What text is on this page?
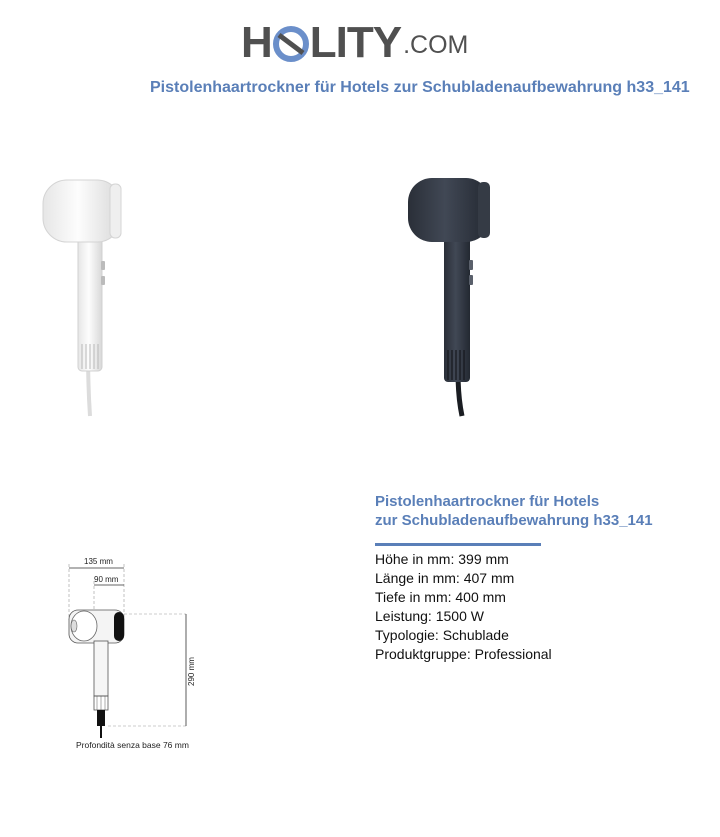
H LITY .COM
Pistolenhaartrockner für Hotels zur Schubladenaufbewahrung h33_141
135 mm
90 mm
290 mm
Profondità senza base 76 mm
Pistolenhaartrockner für Hotels
zur Schubladenaufbewahrung h33_141
Höhe in mm: 399 mm
Länge in mm: 407 mm
Tiefe in mm: 400 mm
Leistung: 1500 W
Typologie: Schublade
Produktgruppe: Professional
